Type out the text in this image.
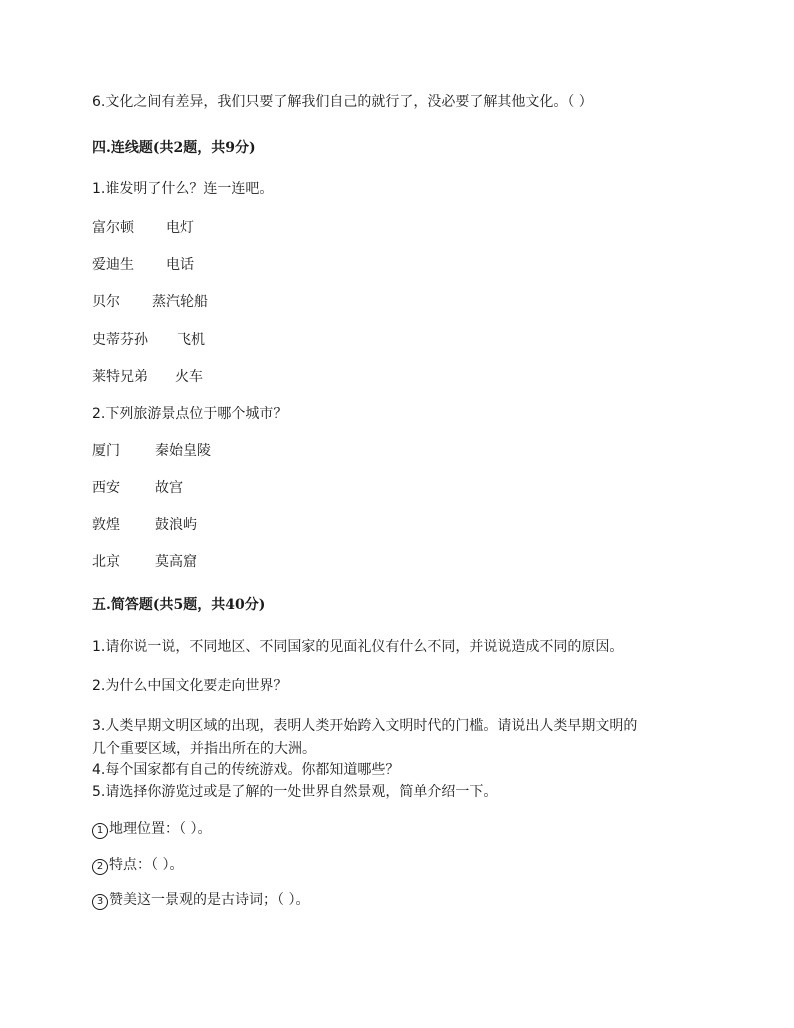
6.文化之间有差异，我们只要了解我们自己的就行了，没必要了解其他文化。（ ）
四.连线题(共2题，共9分)
1.谁发明了什么？连一连吧。
富尔顿 电灯
爱迪生 电话
贝尔 蒸汽轮船
史蒂芬孙 飞机
莱特兄弟 火车
2.下列旅游景点位于哪个城市？
厦门	秦始皇陵
西安	故宫
敦煌	鼓浪屿
北京	莫高窟
五.简答题(共5题，共40分)
1.请你说一说，不同地区、不同国家的见面礼仪有什么不同，并说说造成不同的原因。
2.为什么中国文化要走向世界？
3.人类早期文明区域的出现，表明人类开始跨入文明时代的门槛。请说出人类早期文明的
几个重要区域，并指出所在的大洲。
4.每个国家都有自己的传统游戏。你都知道哪些？
5.请选择你游览过或是了解的一处世界自然景观，简单介绍一下。
1 地理位置：（ ）。
2 特点：（ ）。
3 赞美这一景观的是古诗词；（ ）。
